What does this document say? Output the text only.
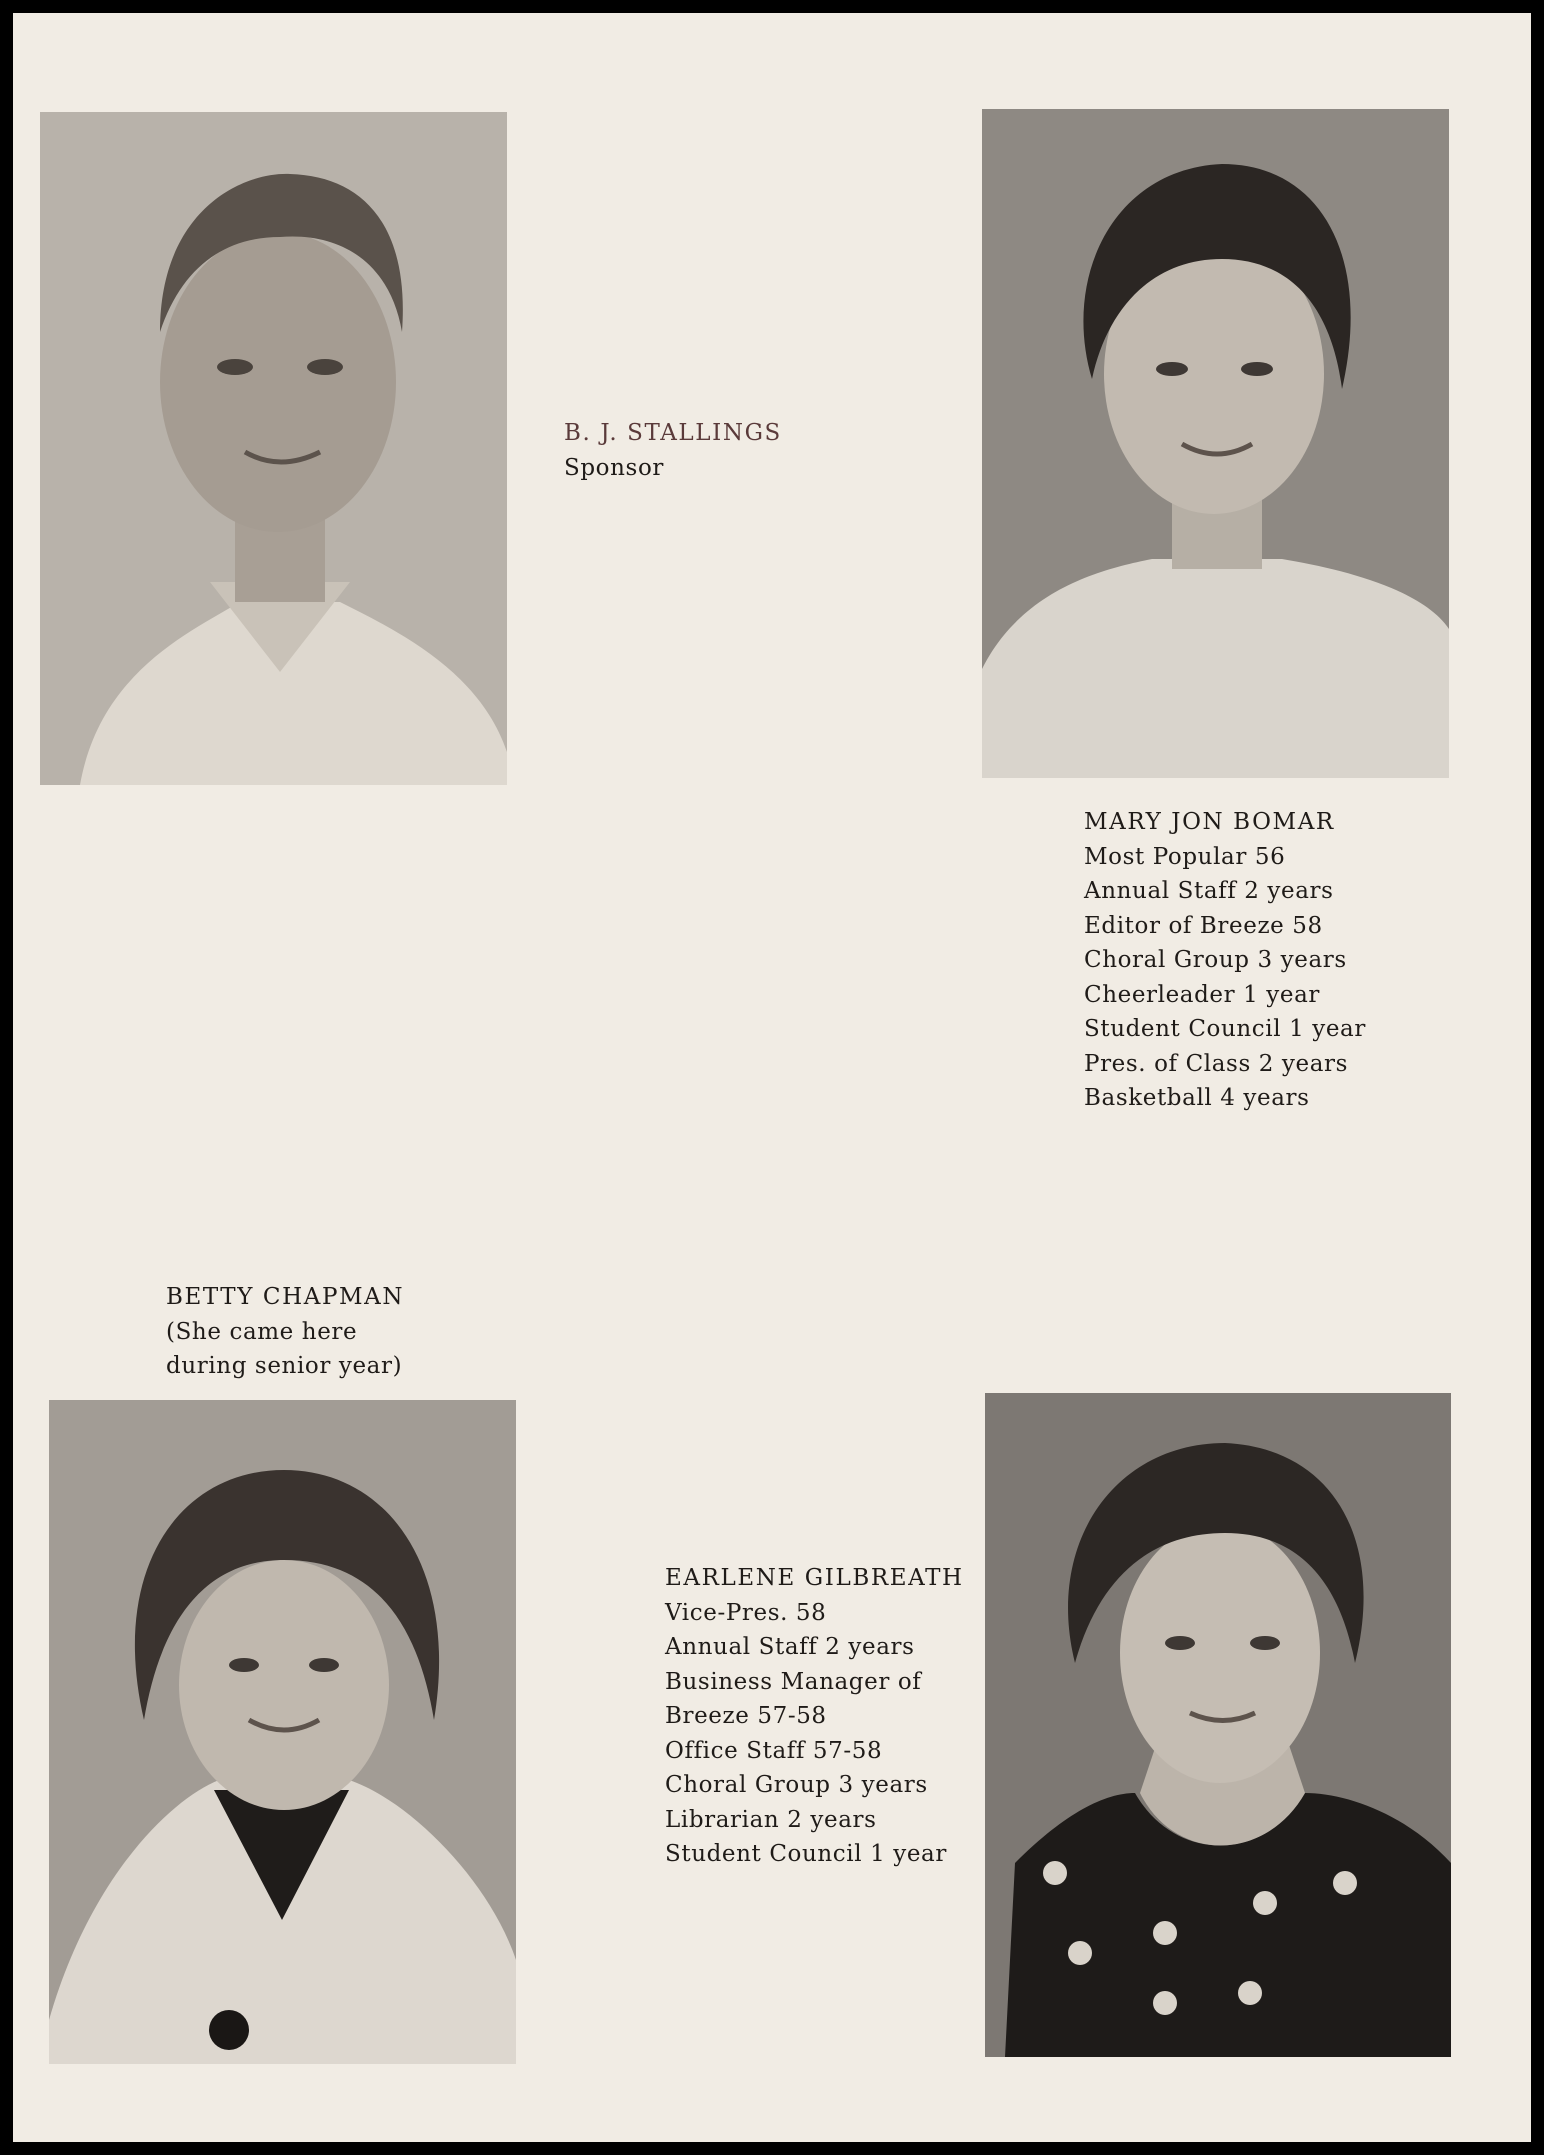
B. J. STALLINGS
Sponsor
MARY JON BOMAR
Most Popular 56
Annual Staff 2 years
Editor of Breeze 58
Choral Group 3 years
Cheerleader 1 year
Student Council 1 year
Pres. of Class 2 years
Basketball 4 years
BETTY CHAPMAN
(She came here
during senior year)
EARLENE GILBREATH
Vice-Pres. 58
Annual Staff 2 years
Business Manager of
Breeze 57-58
Office Staff 57-58
Choral Group 3 years
Librarian 2 years
Student Council 1 year
